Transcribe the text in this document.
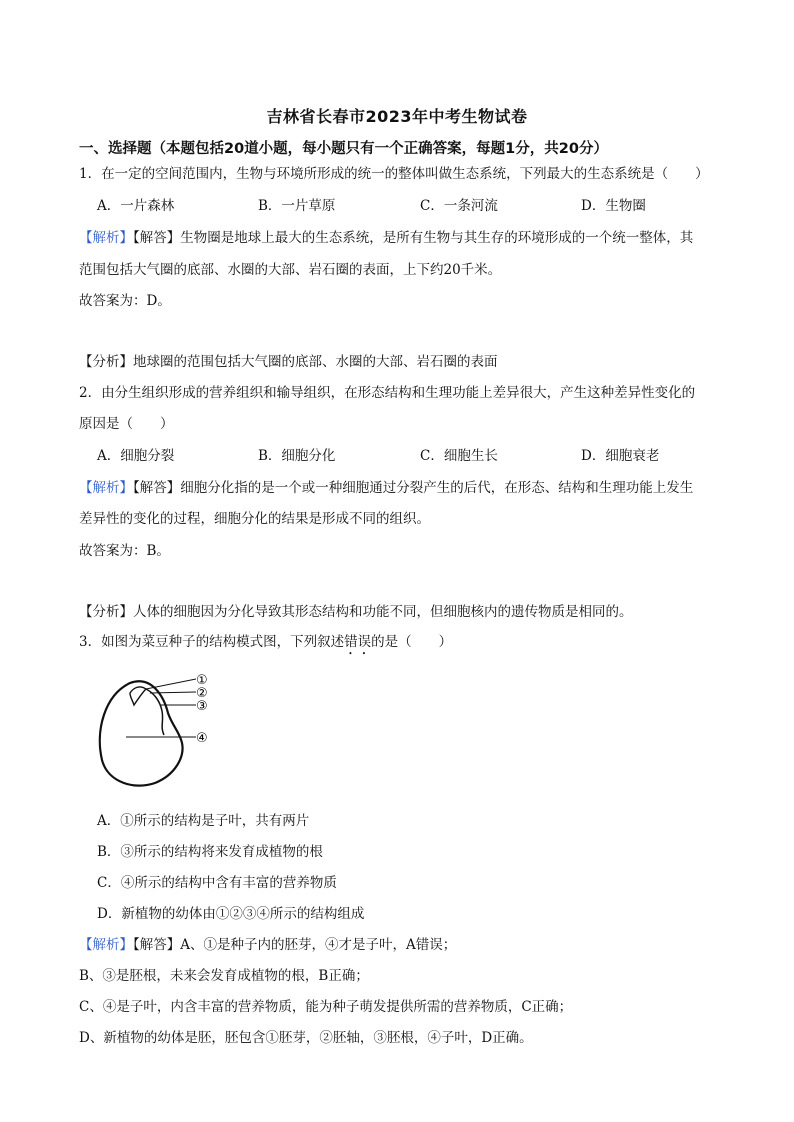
吉林省长春市2023年中考生物试卷
一、选择题（本题包括20道小题，每小题只有一个正确答案，每题1分，共20分）
1．在一定的空间范围内，生物与环境所形成的统一的整体叫做生态系统，下列最大的生态系统是（　　）
A．一片森林	B．一片草原	C．一条河流	D．生物圈
【解析】【解答】生物圈是地球上最大的生态系统，是所有生物与其生存的环境形成的一个统一整体，其
范围包括大气圈的底部、水圈的大部、岩石圈的表面，上下约20千米。
故答案为：D。
【分析】地球圈的范围包括大气圈的底部、水圈的大部、岩石圈的表面
2．由分生组织形成的营养组织和输导组织，在形态结构和生理功能上差异很大，产生这种差异性变化的
原因是（　　）
A．细胞分裂	B．细胞分化	C．细胞生长	D．细胞衰老
【解析】【解答】细胞分化指的是一个或一种细胞通过分裂产生的后代，在形态、结构和生理功能上发生
差异性的变化的过程，细胞分化的结果是形成不同的组织。
故答案为：B。
【分析】人体的细胞因为分化导致其形态结构和功能不同，但细胞核内的遗传物质是相同的。
3．如图为菜豆种子的结构模式图，下列叙述错误的是（　　）
①
②
③
④
A．①所示的结构是子叶，共有两片
B．③所示的结构将来发育成植物的根
C．④所示的结构中含有丰富的营养物质
D．新植物的幼体由①②③④所示的结构组成
【解析】【解答】A、①是种子内的胚芽，④才是子叶，A错误；
B、③是胚根，未来会发育成植物的根，B正确；
C、④是子叶，内含丰富的营养物质，能为种子萌发提供所需的营养物质，C正确；
D、新植物的幼体是胚，胚包含①胚芽，②胚轴，③胚根，④子叶，D正确。
